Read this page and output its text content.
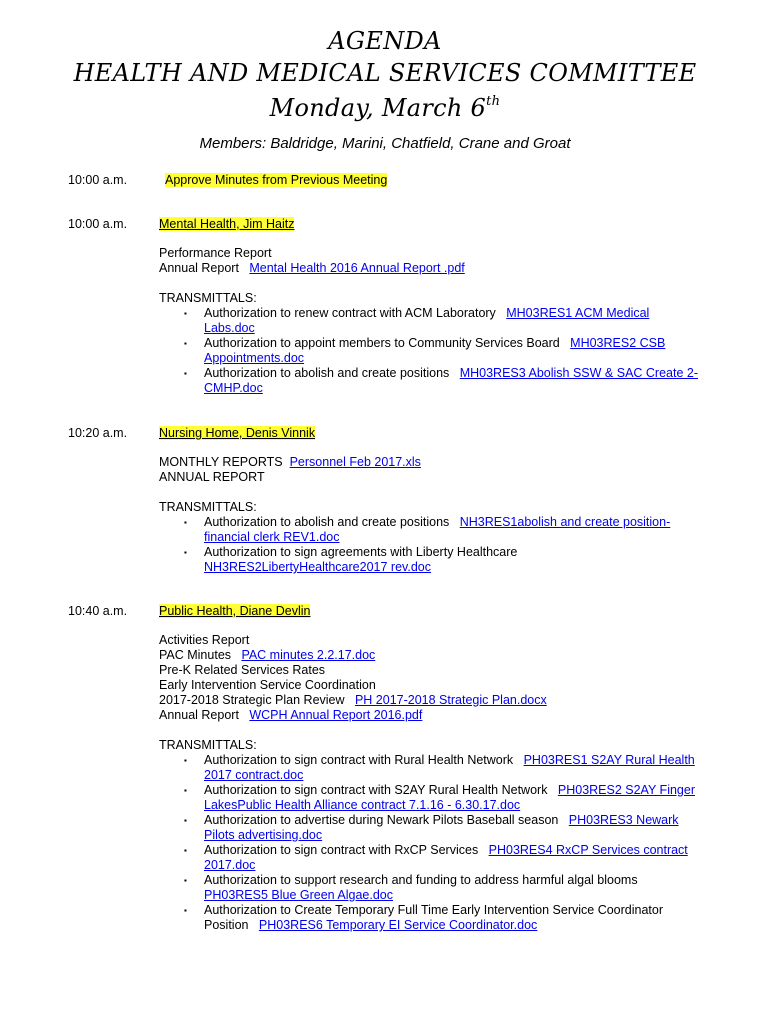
AGENDA
HEALTH AND MEDICAL SERVICES COMMITTEE
Monday, March 6th
Members: Baldridge, Marini, Chatfield, Crane and Groat
10:00 a.m.	Approve Minutes from Previous Meeting
10:00 a.m.	Mental Health, Jim Haitz
Performance Report
Annual Report Mental Health 2016 Annual Report .pdf
TRANSMITTALS:
▪ Authorization to renew contract with ACM Laboratory MH03RES1 ACM Medical
Labs.doc
▪ Authorization to appoint members to Community Services Board MH03RES2 CSB
Appointments.doc
▪ Authorization to abolish and create positions MH03RES3 Abolish SSW & SAC Create 2-
CMHP.doc
10:20 a.m.	Nursing Home, Denis Vinnik
MONTHLY REPORTS Personnel Feb 2017.xls
ANNUAL REPORT
TRANSMITTALS:
▪ Authorization to abolish and create positions NH3RES1abolish and create position-
financial clerk REV1.doc
▪ Authorization to sign agreements with Liberty Healthcare
NH3RES2LibertyHealthcare2017 rev.doc
10:40 a.m.	Public Health, Diane Devlin
Activities Report
PAC Minutes PAC minutes 2.2.17.doc
Pre-K Related Services Rates
Early Intervention Service Coordination
2017-2018 Strategic Plan Review PH 2017-2018 Strategic Plan.docx
Annual Report WCPH Annual Report 2016.pdf
TRANSMITTALS:
▪ Authorization to sign contract with Rural Health Network PH03RES1 S2AY Rural Health
2017 contract.doc
▪ Authorization to sign contract with S2AY Rural Health Network PH03RES2 S2AY Finger
LakesPublic Health Alliance contract 7.1.16 - 6.30.17.doc
▪ Authorization to advertise during Newark Pilots Baseball season PH03RES3 Newark
Pilots advertising.doc
▪ Authorization to sign contract with RxCP Services PH03RES4 RxCP Services contract
2017.doc
▪ Authorization to support research and funding to address harmful algal blooms
PH03RES5 Blue Green Algae.doc
▪ Authorization to Create Temporary Full Time Early Intervention Service Coordinator
Position PH03RES6 Temporary EI Service Coordinator.doc
